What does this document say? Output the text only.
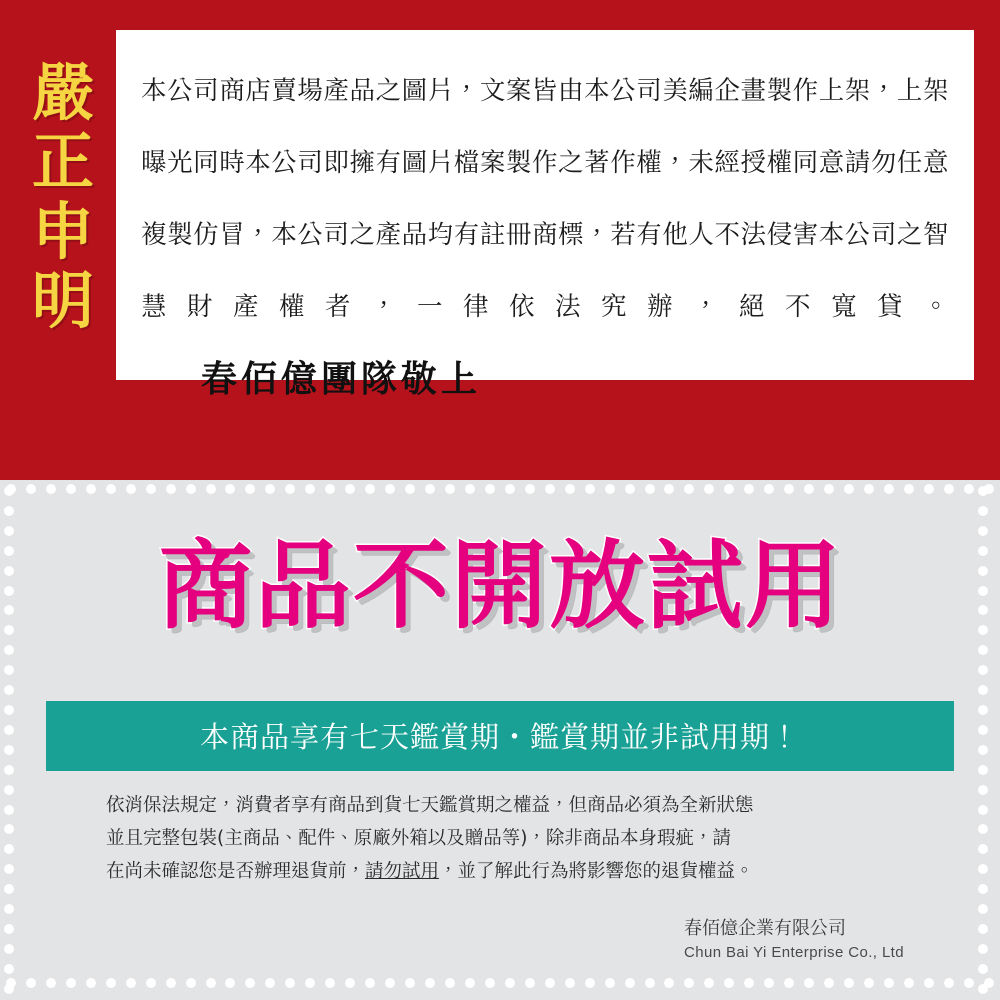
嚴
正
申
明
本公司商店賣場產品之圖片，文案皆由本公司美編企畫製作上架，上架曝光同時本公司即擁有圖片檔案製作之著作權，未經授權同意請勿任意複製仿冒，本公司之產品均有註冊商標，若有他人不法侵害本公司之智慧財產權者，一律依法究辦，絕不寬貸。春佰億團隊敬上
商品不開放試用
本商品享有七天鑑賞期・鑑賞期並非試用期！
依消保法規定，消費者享有商品到貨七天鑑賞期之權益，但商品必須為全新狀態
並且完整包裝(主商品、配件、原廠外箱以及贈品等)，除非商品本身瑕疵，請
在尚未確認您是否辦理退貨前，請勿試用，並了解此行為將影響您的退貨權益。
春佰億企業有限公司
Chun Bai Yi Enterprise Co., Ltd
